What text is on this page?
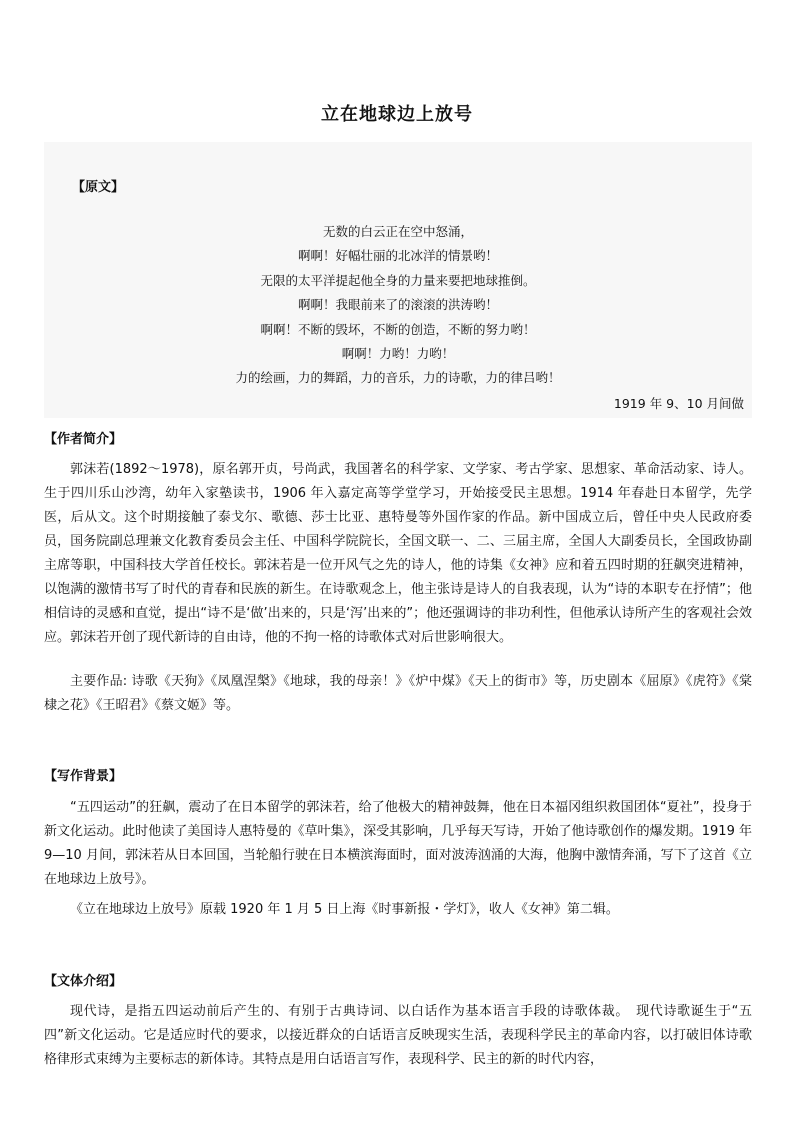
立在地球边上放号
【原文】
无数的白云正在空中怒涌，
啊啊！好幅壮丽的北冰洋的情景哟！
无限的太平洋提起他全身的力量来要把地球推倒。
啊啊！我眼前来了的滚滚的洪涛哟！
啊啊！不断的毁坏，不断的创造，不断的努力哟！
啊啊！力哟！力哟！
力的绘画，力的舞蹈，力的音乐，力的诗歌，力的律吕哟！
1919 年 9、10 月间做
【作者简介】

郭沫若(1892～1978)，原名郭开贞，号尚武，我国著名的科学家、文学家、考古学家、思想家、革命活动家、诗人。生于四川乐山沙湾，幼年入家塾读书，1906 年入嘉定高等学堂学习，开始接受民主思想。1914 年春赴日本留学，先学医，后从文。这个时期接触了泰戈尔、歌德、莎士比亚、惠特曼等外国作家的作品。新中国成立后，曾任中央人民政府委员，国务院副总理兼文化教育委员会主任、中国科学院院长，全国文联一、二、三届主席，全国人大副委员长，全国政协副主席等职，中国科技大学首任校长。郭沫若是一位开风气之先的诗人，他的诗集《女神》应和着五四时期的狂飙突进精神，以饱满的激情书写了时代的青春和民族的新生。在诗歌观念上，他主张诗是诗人的自我表现，认为“诗的本职专在抒情”；他相信诗的灵感和直觉，提出“诗不是‘做’出来的，只是‘泻’出来的”；他还强调诗的非功利性，但他承认诗所产生的客观社会效应。郭沫若开创了现代新诗的自由诗，他的不拘一格的诗歌体式对后世影响很大。

主要作品: 诗歌《天狗》《凤凰涅槃》《地球，我的母亲！》《炉中煤》《天上的街市》等，历史剧本《屈原》《虎符》《棠棣之花》《王昭君》《蔡文姬》等。

【写作背景】

“五四运动”的狂飙，震动了在日本留学的郭沫若，给了他极大的精神鼓舞，他在日本福冈组织救国团体“夏社”，投身于新文化运动。此时他读了美国诗人惠特曼的《草叶集》，深受其影响，几乎每天写诗，开始了他诗歌创作的爆发期。1919 年 9—10 月间，郭沫若从日本回国，当轮船行驶在日本横滨海面时，面对波涛汹涌的大海，他胸中激情奔涌，写下了这首《立在地球边上放号》。

《立在地球边上放号》原载 1920 年 1 月 5 日上海《时事新报・学灯》，收人《女神》第二辑。

【文体介绍】

现代诗，是指五四运动前后产生的、有别于古典诗词、以白话作为基本语言手段的诗歌体裁。　现代诗歌诞生于“五四”新文化运动。它是适应时代的要求，以接近群众的白话语言反映现实生活，表现科学民主的革命内容，以打破旧体诗歌格律形式束缚为主要标志的新体诗。其特点是用白话语言写作，表现科学、民主的新的时代内容，
